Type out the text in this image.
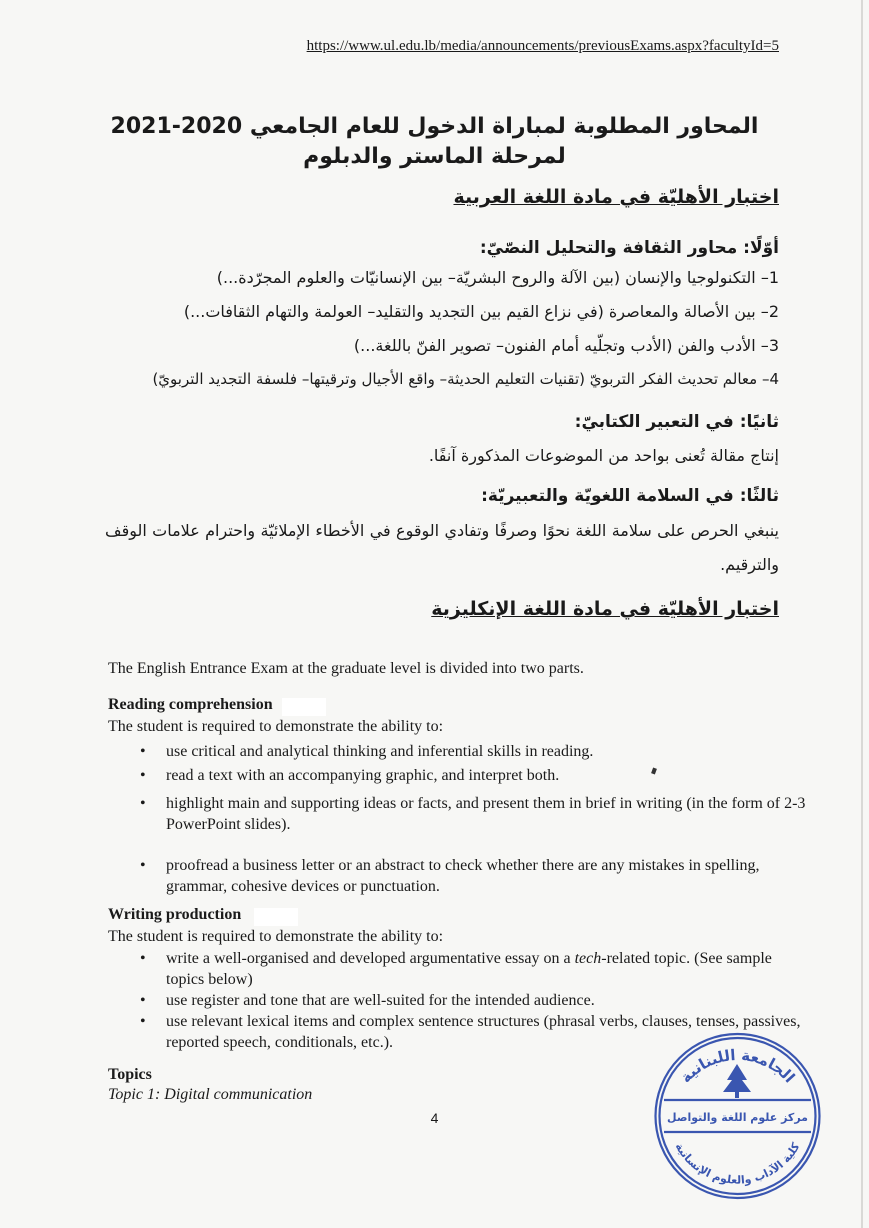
https://www.ul.edu.lb/media/announcements/previousExams.aspx?facultyId=5
المحاور المطلوبة لمباراة الدخول للعام الجامعي 2020-2021
لمرحلة الماستر والدبلوم
اختبار الأهليّة في مادة اللغة العربية
أوّلًا: محاور الثقافة والتحليل النصّيّ:
1– التكنولوجيا والإنسان (بين الآلة والروح البشريّة– بين الإنسانيّات والعلوم المجرّدة...)
2– بين الأصالة والمعاصرة (في نزاع القيم بين التجديد والتقليد– العولمة والتهام الثقافات...)
3– الأدب والفن (الأدب وتجلّيه أمام الفنون– تصوير الفنّ باللغة...)
4– معالم تحديث الفكر التربويّ (تقنيات التعليم الحديثة– واقع الأجيال وترقيتها– فلسفة التجديد التربويّ)
ثانيًا: في التعبير الكتابيّ:
إنتاج مقالة تُعنى بواحد من الموضوعات المذكورة آنفًا.
ثالثًا: في السلامة اللغويّة والتعبيريّة:
ينبغي الحرص على سلامة اللغة نحوًا وصرفًا وتفادي الوقوع في الأخطاء الإملائيّة واحترام علامات الوقف والترقيم.
اختبار الأهليّة في مادة اللغة الإنكليزية
The English Entrance Exam at the graduate level is divided into two parts.
Reading comprehension
The student is required to demonstrate the ability to:
• use critical and analytical thinking and inferential skills in reading.
• read a text with an accompanying graphic, and interpret both.
• highlight main and supporting ideas or facts, and present them in brief in writing (in the form of 2-3 PowerPoint slides).
• proofread a business letter or an abstract to check whether there are any mistakes in spelling, grammar, cohesive devices or punctuation.
Writing production
The student is required to demonstrate the ability to:
• write a well-organised and developed argumentative essay on a tech-related topic. (See sample topics below)
• use register and tone that are well-suited for the intended audience.
• use relevant lexical items and complex sentence structures (phrasal verbs, clauses, tenses, passives, reported speech, conditionals, etc.).
Topics
Topic 1: Digital communication
4
الجامعة اللبنانية
مركز علوم اللغة والتواصل
كلية الآداب والعلوم الإنسانية
